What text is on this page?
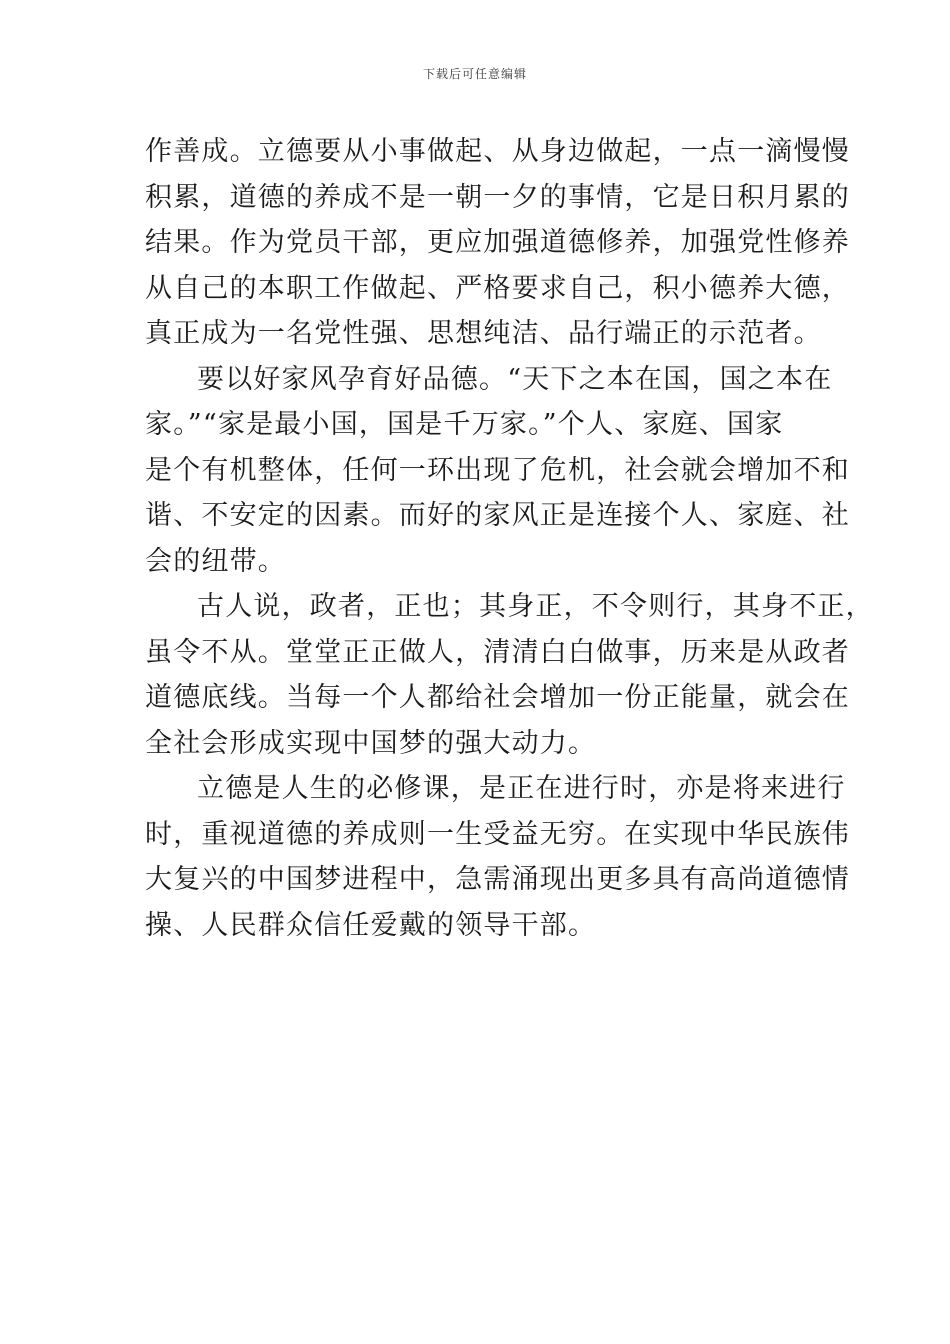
下载后可任意编辑
作善成。立德要从小事做起、从身边做起，一点一滴慢慢
积累，道德的养成不是一朝一夕的事情，它是日积月累的
结果。作为党员干部，更应加强道德修养，加强党性修养
从自己的本职工作做起、严格要求自己，积小德养大德，
真正成为一名党性强、思想纯洁、品行端正的示范者。
要以好家风孕育好品德。“天下之本在国，国之本在
家。”“家是最小国，国是千万家。”个人、家庭、国家
是个有机整体，任何一环出现了危机，社会就会增加不和
谐、不安定的因素。而好的家风正是连接个人、家庭、社
会的纽带。
古人说，政者，正也；其身正，不令则行，其身不正，
虽令不从。堂堂正正做人，清清白白做事，历来是从政者
道德底线。当每一个人都给社会增加一份正能量，就会在
全社会形成实现中国梦的强大动力。
立德是人生的必修课，是正在进行时，亦是将来进行
时，重视道德的养成则一生受益无穷。在实现中华民族伟
大复兴的中国梦进程中，急需涌现出更多具有高尚道德情
操、人民群众信任爱戴的领导干部。
